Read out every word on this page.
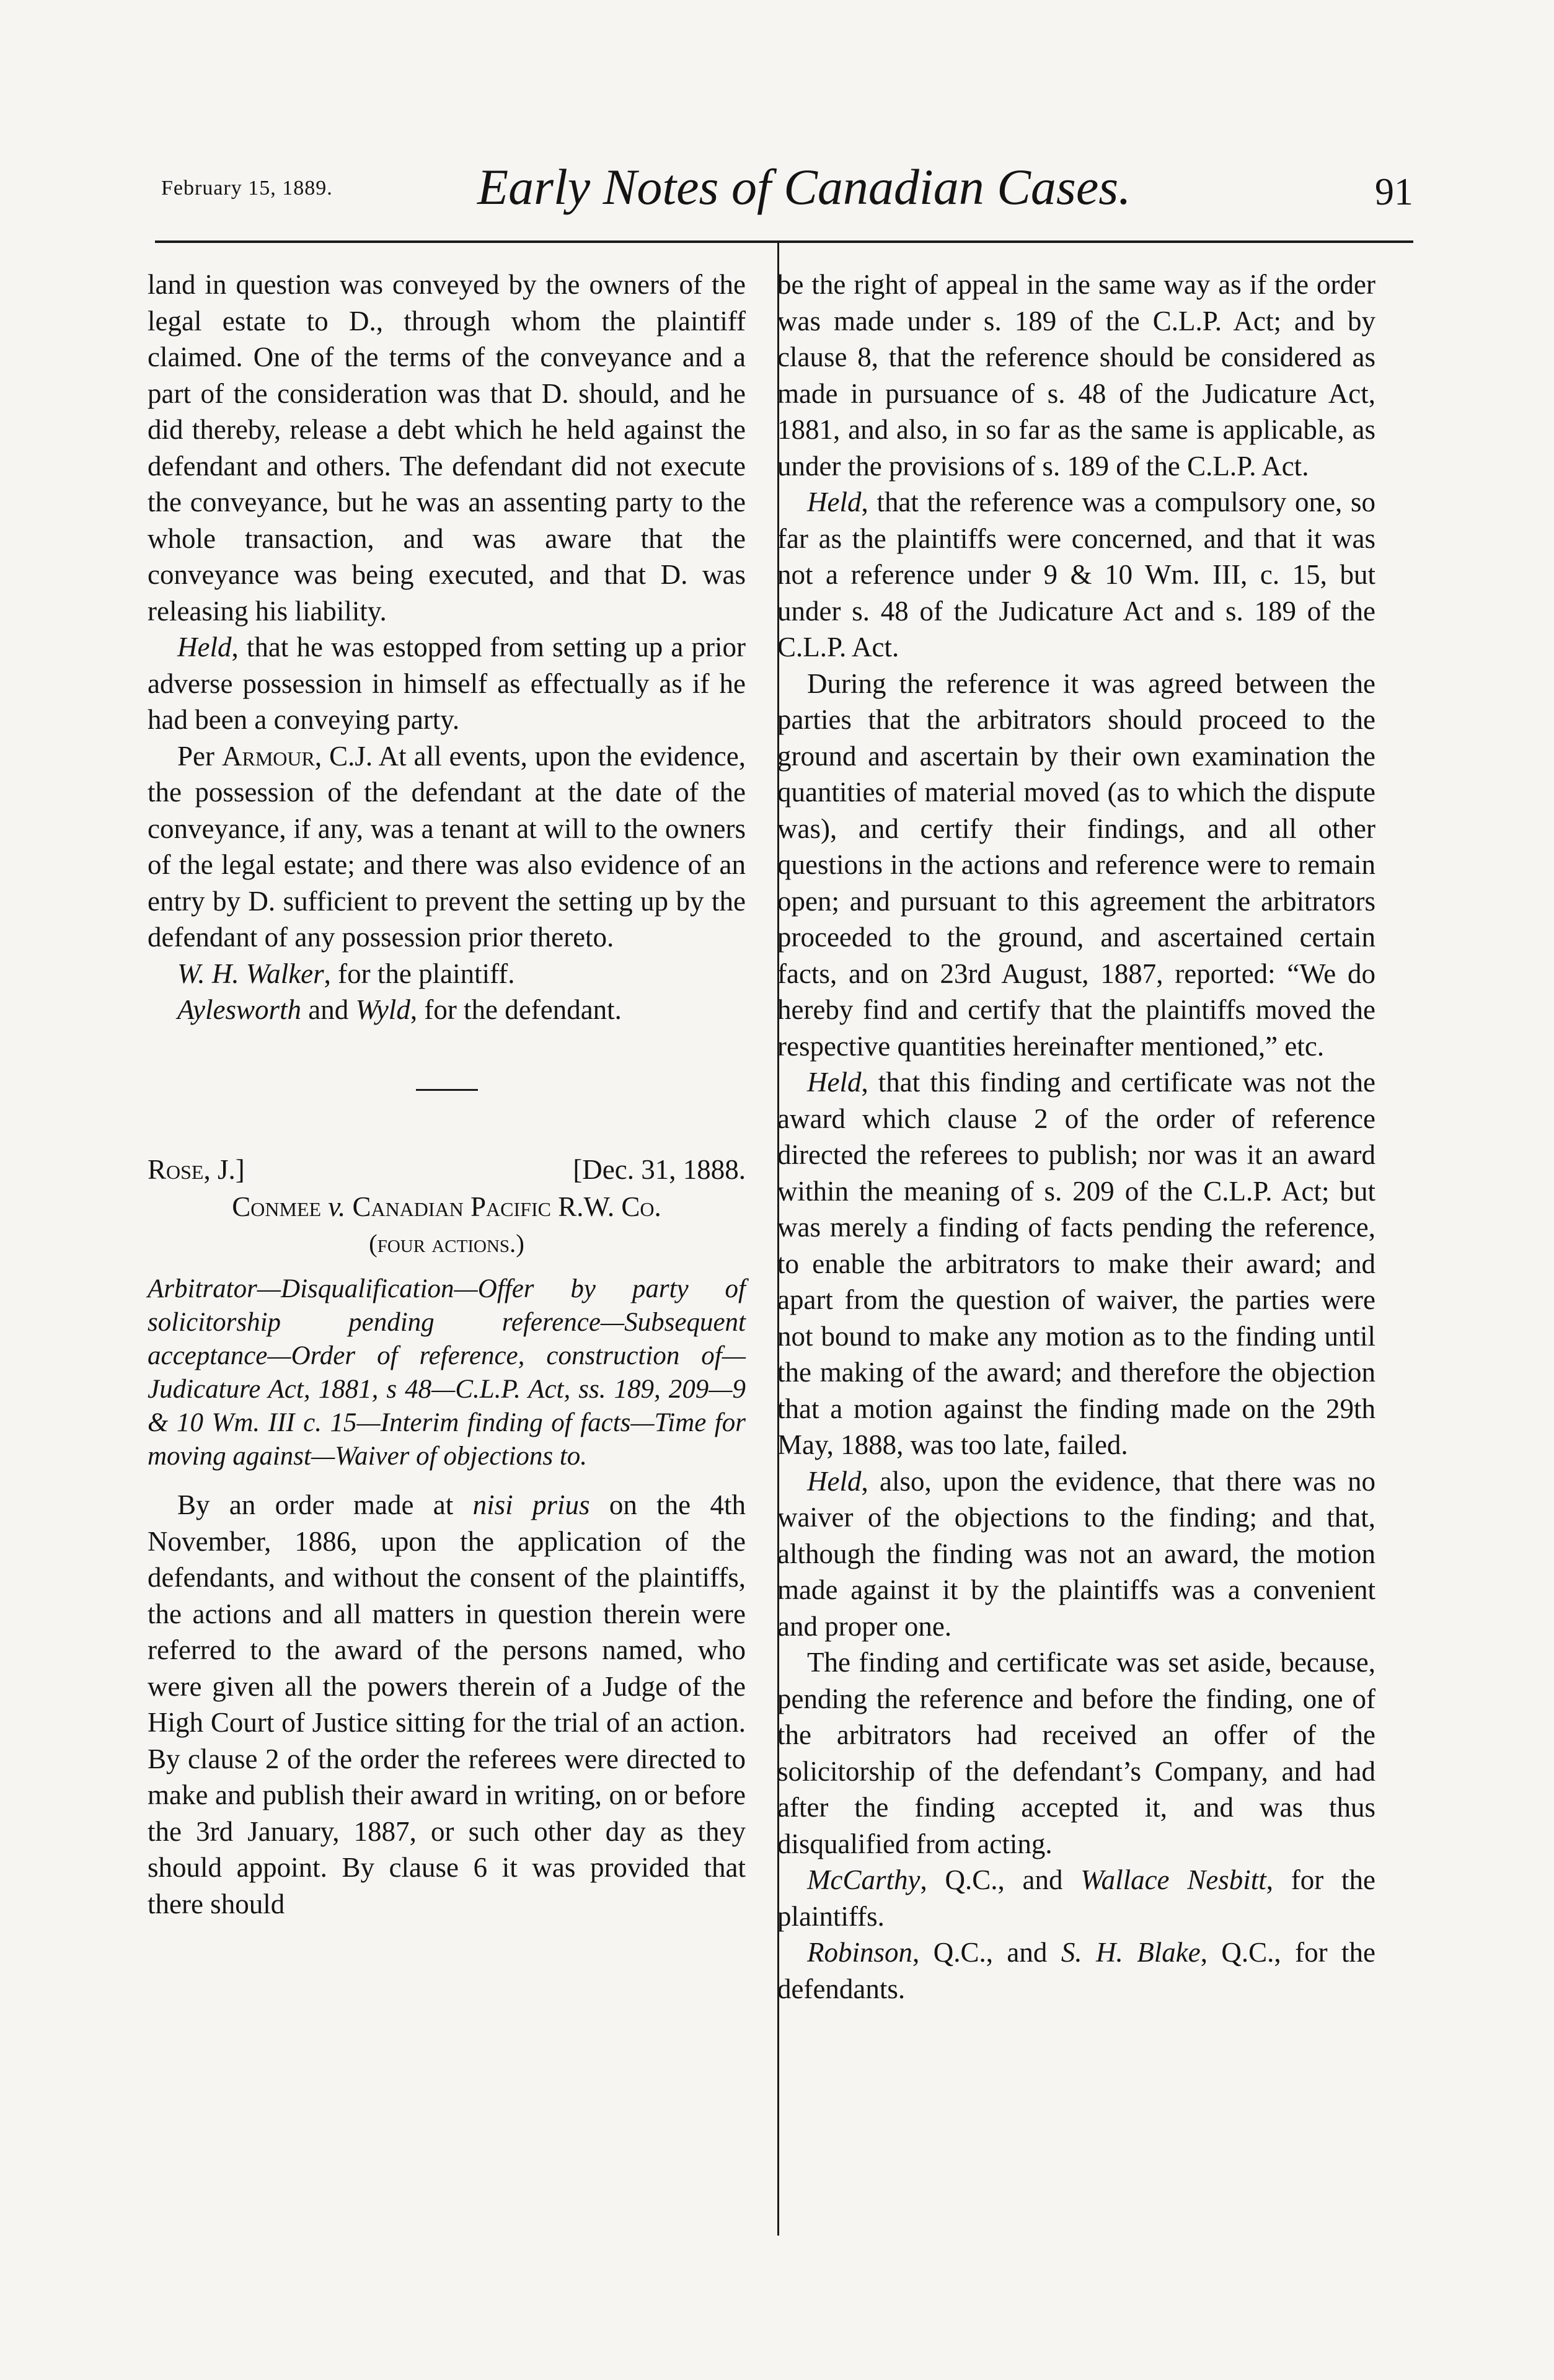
February 15, 1889.	Early Notes of Canadian Cases.	91

land in question was conveyed by the owners of the legal estate to D., through whom the plaintiff claimed. One of the terms of the conveyance and a part of the consideration was that D. should, and he did thereby, release a debt which he held against the defendant and others. The defendant did not execute the conveyance, but he was an assenting party to the whole transaction, and was aware that the conveyance was being executed, and that D. was releasing his liability.

Held, that he was estopped from setting up a prior adverse possession in himself as effectually as if he had been a conveying party.

Per Armour, C.J. At all events, upon the evidence, the possession of the defendant at the date of the conveyance, if any, was a tenant at will to the owners of the legal estate; and there was also evidence of an entry by D. sufficient to prevent the setting up by the defendant of any possession prior thereto.

W. H. Walker, for the plaintiff.

Aylesworth and Wyld, for the defendant.

Rose, J.]	[Dec. 31, 1888.
Conmee v. Canadian Pacific R.W. Co.
(four actions.)
Arbitrator—Disqualification—Offer by party of solicitorship pending reference—Subsequent acceptance—Order of reference, construction of—Judicature Act, 1881, s 48—C.L.P. Act, ss. 189, 209—9 & 10 Wm. III c. 15—Interim finding of facts—Time for moving against—Waiver of objections to.

By an order made at nisi prius on the 4th November, 1886, upon the application of the defendants, and without the consent of the plaintiffs, the actions and all matters in question therein were referred to the award of the persons named, who were given all the powers therein of a Judge of the High Court of Justice sitting for the trial of an action. By clause 2 of the order the referees were directed to make and publish their award in writing, on or before the 3rd January, 1887, or such other day as they should appoint. By clause 6 it was provided that there should

be the right of appeal in the same way as if the order was made under s. 189 of the C.L.P. Act; and by clause 8, that the reference should be considered as made in pursuance of s. 48 of the Judicature Act, 1881, and also, in so far as the same is applicable, as under the provisions of s. 189 of the C.L.P. Act.

Held, that the reference was a compulsory one, so far as the plaintiffs were concerned, and that it was not a reference under 9 & 10 Wm. III, c. 15, but under s. 48 of the Judicature Act and s. 189 of the C.L.P. Act.

During the reference it was agreed between the parties that the arbitrators should proceed to the ground and ascertain by their own examination the quantities of material moved (as to which the dispute was), and certify their findings, and all other questions in the actions and reference were to remain open; and pursuant to this agreement the arbitrators proceeded to the ground, and ascertained certain facts, and on 23rd August, 1887, reported: “We do hereby find and certify that the plaintiffs moved the respective quantities hereinafter mentioned,” etc.

Held, that this finding and certificate was not the award which clause 2 of the order of reference directed the referees to publish; nor was it an award within the meaning of s. 209 of the C.L.P. Act; but was merely a finding of facts pending the reference, to enable the arbitrators to make their award; and apart from the question of waiver, the parties were not bound to make any motion as to the finding until the making of the award; and therefore the objection that a motion against the finding made on the 29th May, 1888, was too late, failed.

Held, also, upon the evidence, that there was no waiver of the objections to the finding; and that, although the finding was not an award, the motion made against it by the plaintiffs was a convenient and proper one.

The finding and certificate was set aside, because, pending the reference and before the finding, one of the arbitrators had received an offer of the solicitorship of the defendant’s Company, and had after the finding accepted it, and was thus disqualified from acting.

McCarthy, Q.C., and Wallace Nesbitt, for the plaintiffs.

Robinson, Q.C., and S. H. Blake, Q.C., for the defendants.
